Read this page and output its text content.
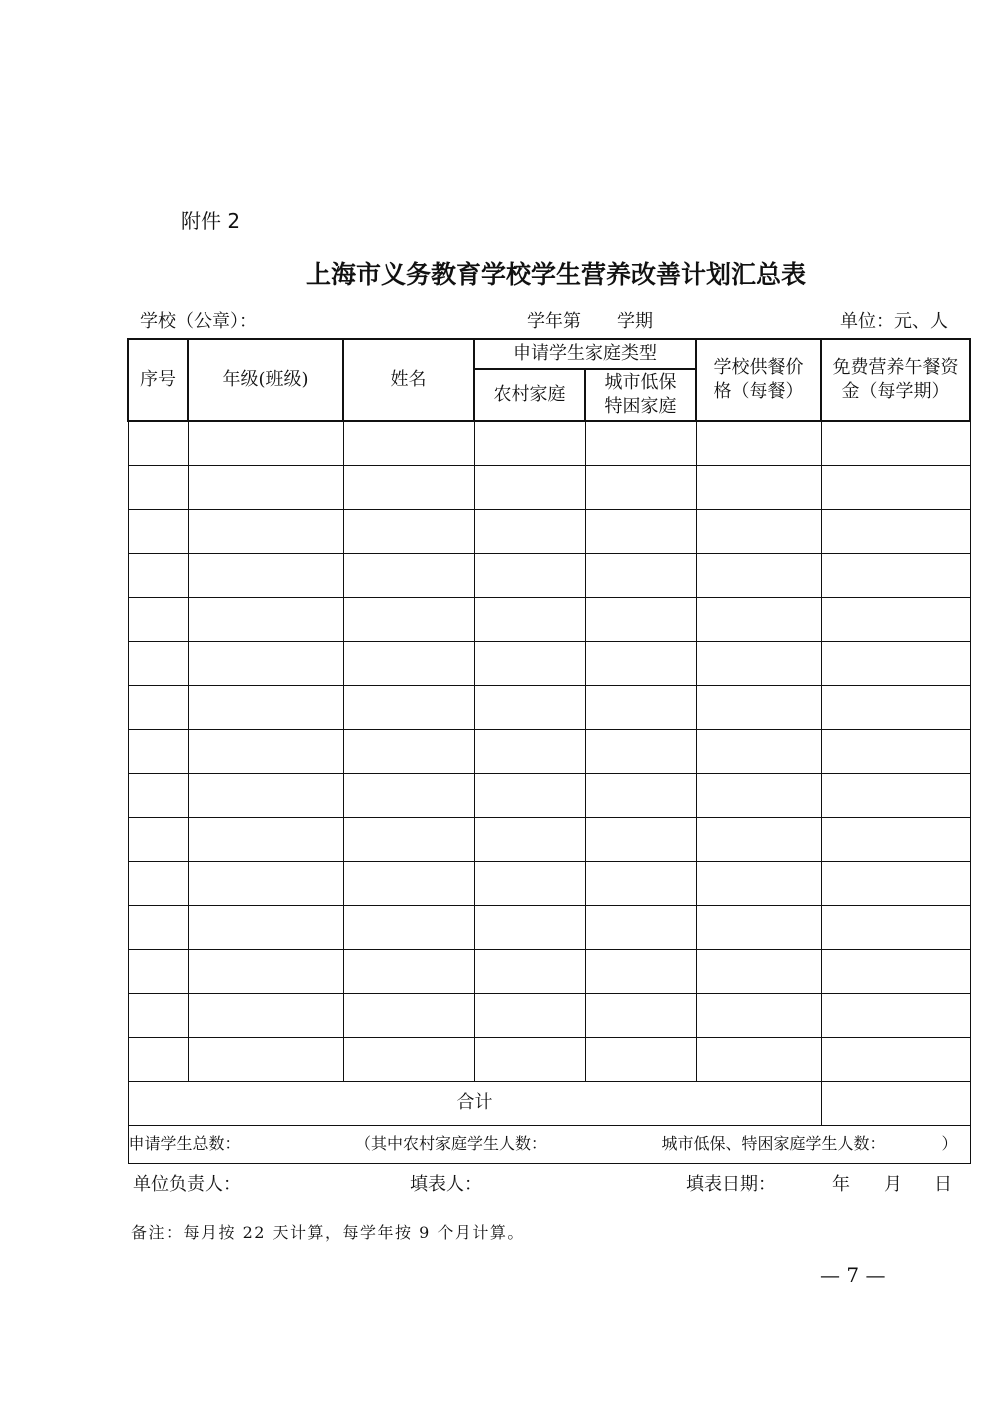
附件 2
上海市义务教育学校学生营养改善计划汇总表
学校（公章）：	学年第　　学期	单位：元、人
序号	年级(班级)	姓名	申请学生家庭类型		学校供餐价格（每餐）	免费营养午餐资金（每学期）
			农村家庭	城市低保特困家庭		

合计						

申请学生总数： （其中农村家庭学生人数： 城市低保、特困家庭学生人数：　　　　）						
单位负责人：	填表人：	填表日期：	年 月 日
备注：每月按 22 天计算，每学年按 9 个月计算。
— 7 —
